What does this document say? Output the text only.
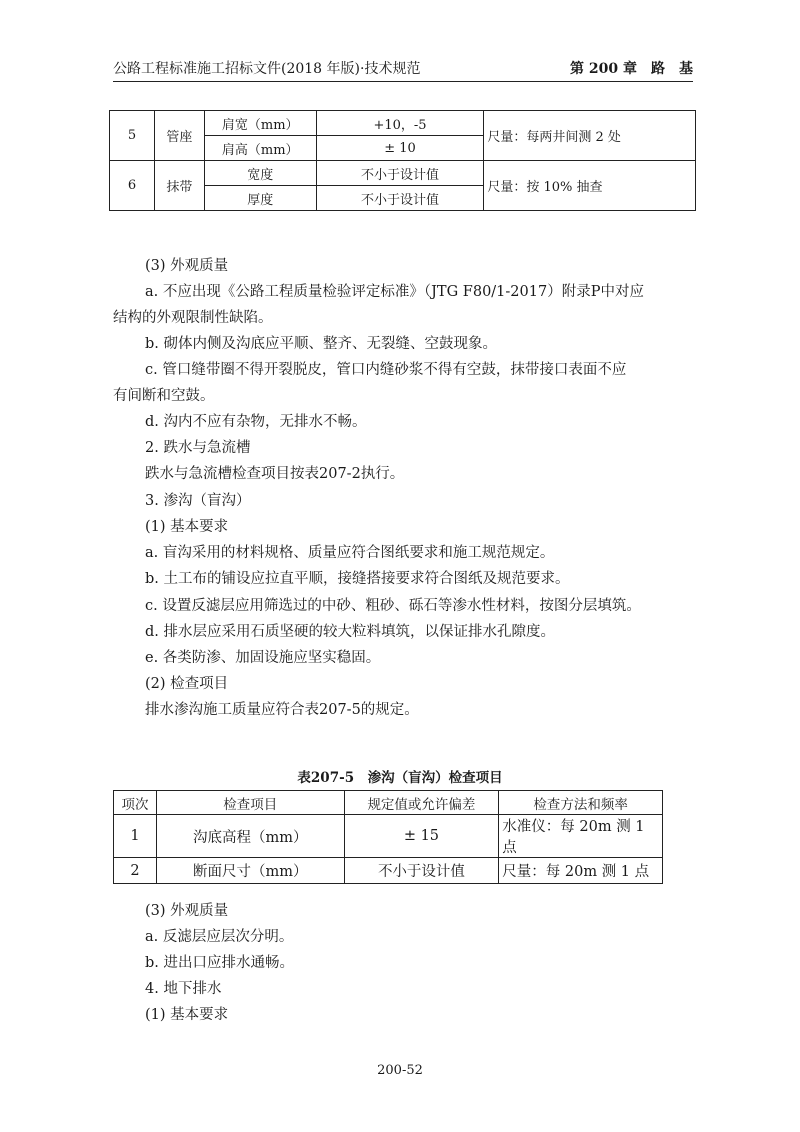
公路工程标准施工招标文件(2018 年版)·技术规范	第 200 章　路　基
5	管座	肩宽（mm）	+10，-5	尺量：每两井间测 2 处
		肩高（mm）	± 10	
6	抹带	宽度	不小于设计值	尺量：按 10% 抽查
		厚度	不小于设计值	
(3) 外观质量
a. 不应出现《公路工程质量检验评定标准》（JTG F80/1-2017）附录P中对应
结构的外观限制性缺陷。
b. 砌体内侧及沟底应平顺、整齐、无裂缝、空鼓现象。
c. 管口缝带圈不得开裂脱皮，管口内缝砂浆不得有空鼓，抹带接口表面不应
有间断和空鼓。
d. 沟内不应有杂物，无排水不畅。
2. 跌水与急流槽
跌水与急流槽检查项目按表207-2执行。
3. 渗沟（盲沟）
(1) 基本要求
a. 盲沟采用的材料规格、质量应符合图纸要求和施工规范规定。
b. 土工布的铺设应拉直平顺，接缝搭接要求符合图纸及规范要求。
c. 设置反滤层应用筛选过的中砂、粗砂、砾石等渗水性材料，按图分层填筑。
d. 排水层应采用石质坚硬的较大粒料填筑，以保证排水孔隙度。
e. 各类防渗、加固设施应坚实稳固。
(2) 检查项目
排水渗沟施工质量应符合表207-5的规定。
表207-5　渗沟（盲沟）检查项目
项次	检查项目	规定值或允许偏差	检查方法和频率
1	沟底高程（mm）	± 15	水准仪：每 20m 测 1 点
2	断面尺寸（mm）	不小于设计值	尺量：每 20m 测 1 点
(3) 外观质量
a. 反滤层应层次分明。
b. 进出口应排水通畅。
4. 地下排水
(1) 基本要求
200-52
